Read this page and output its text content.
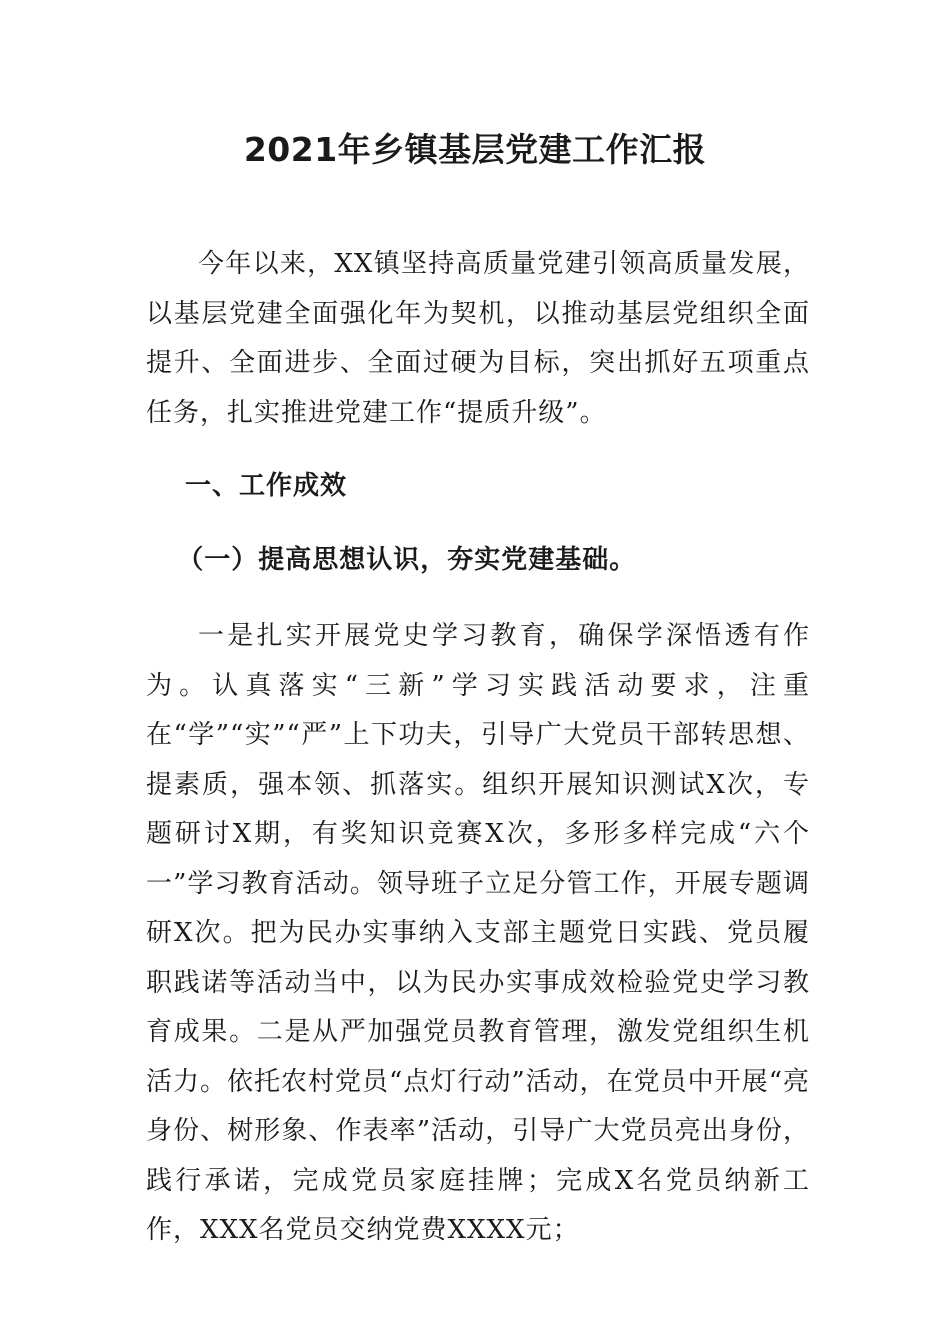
2021年乡镇基层党建工作汇报

今年以来，XX镇坚持高质量党建引领高质量发展，以基层党建全面强化年为契机，以推动基层党组织全面提升、全面进步、全面过硬为目标，突出抓好五项重点任务，扎实推进党建工作“提质升级”。

一、工作成效

（一）提高思想认识，夯实党建基础。

一是扎实开展党史学习教育，确保学深悟透有作为。认真落实“三新”学习实践活动要求，注重在“学”“实”“严”上下功夫，引导广大党员干部转思想、提素质，强本领、抓落实。组织开展知识测试X次，专题研讨X期，有奖知识竞赛X次，多形多样完成“六个一”学习教育活动。领导班子立足分管工作，开展专题调研X次。把为民办实事纳入支部主题党日实践、党员履职践诺等活动当中，以为民办实事成效检验党史学习教育成果。二是从严加强党员教育管理，激发党组织生机活力。依托农村党员“点灯行动”活动，在党员中开展“亮身份、树形象、作表率”活动，引导广大党员亮出身份，践行承诺，完成党员家庭挂牌；完成X名党员纳新工作，XXX名党员交纳党费XXXX元；
